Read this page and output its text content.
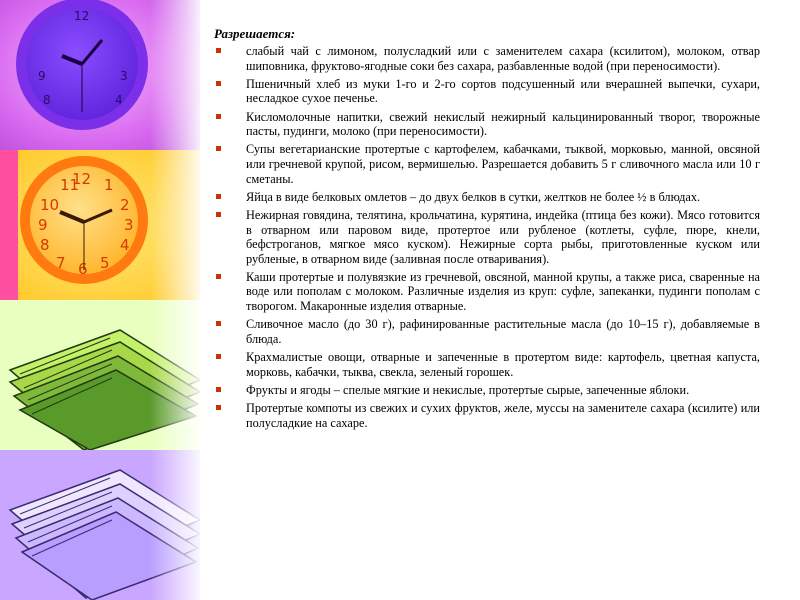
9
8
3
4
12
12
11 1
10	2
9	3
8	4
7 6 5
Разрешается:
слабый чай с лимоном, полусладкий или с заменителем сахара (ксилитом), молоком, отвар шиповника, фруктово-ягодные соки без сахара, разбавленные водой (при переносимости).
Пшеничный хлеб из муки 1-го и 2-го сортов подсушенный или вчерашней выпечки, сухари, несладкое сухое печенье.
Кисломолочные напитки, свежий некислый нежирный кальцинированный творог, творожные пасты, пудинги, молоко (при переносимости).
Супы вегетарианские протертые с картофелем, кабачками, тыквой, морковью, манной, овсяной или гречневой крупой, рисом, вермишелью. Разрешается добавить 5 г сливочного масла или 10 г сметаны.
Яйца в виде белковых омлетов – до двух белков в сутки, желтков не более ½ в блюдах.
Нежирная говядина, телятина, крольчатина, курятина, индейка (птица без кожи). Мясо готовится в отварном или паровом виде, протертое или рубленое (котлеты, суфле, пюре, кнели, бефстроганов, мягкое мясо куском). Нежирные сорта рыбы, приготовленные куском или рубленые, в отварном виде (заливная после отваривания).
Каши протертые и полувязкие из гречневой, овсяной, манной крупы, а также риса, сваренные на воде или пополам с молоком. Различные изделия из круп: суфле, запеканки, пудинги пополам с творогом. Макаронные изделия отварные.
Сливочное масло (до 30 г), рафинированные растительные масла (до 10–15 г), добавляемые в блюда.
Крахмалистые овощи, отварные и запеченные в протертом виде: картофель, цветная капуста, морковь, кабачки, тыква, свекла, зеленый горошек.
Фрукты и ягоды – спелые мягкие и некислые, протертые сырые, запеченные яблоки.
Протертые компоты из свежих и сухих фруктов, желе, муссы на заменителе сахара (ксилите) или полусладкие на сахаре.
